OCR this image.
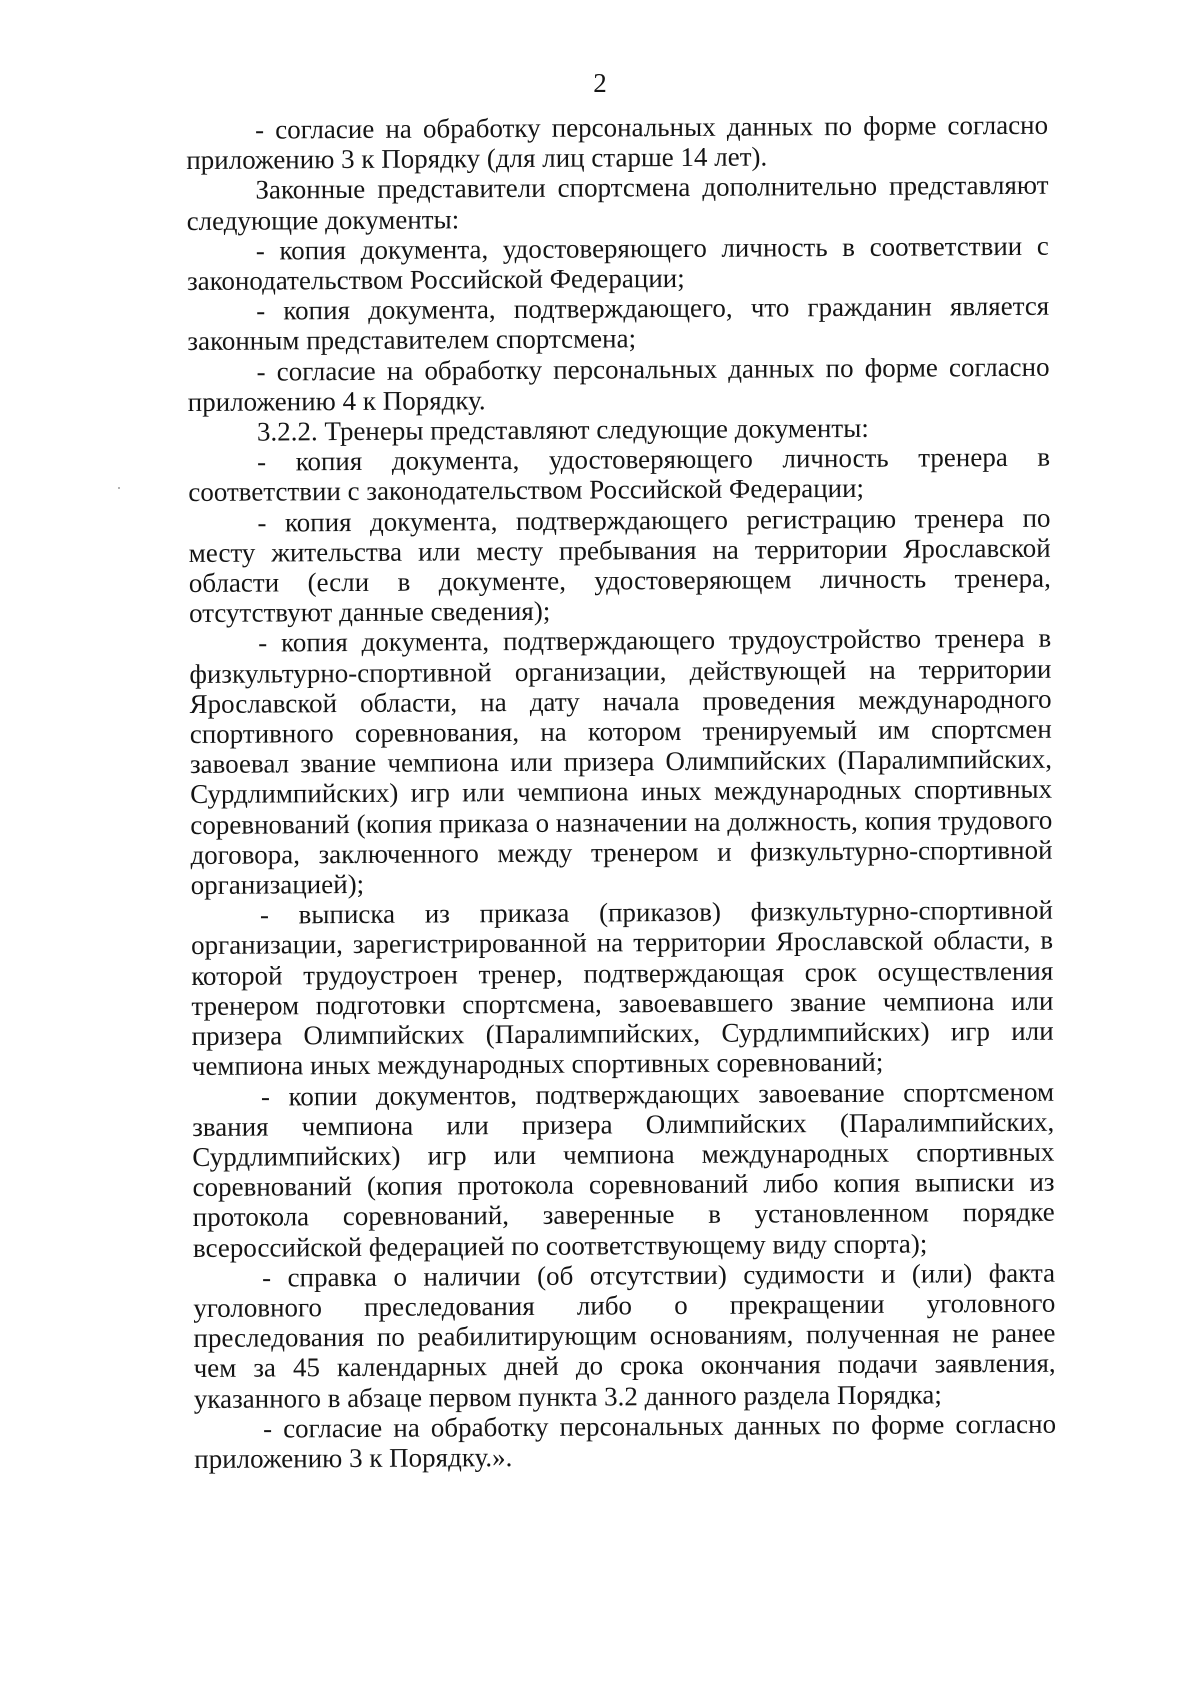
2

- согласие на обработку персональных данных по форме согласно приложению 3 к Порядку (для лиц старше 14 лет).

Законные представители спортсмена дополнительно представляют следующие документы:

- копия документа, удостоверяющего личность в соответствии с законодательством Российской Федерации;

- копия документа, подтверждающего, что гражданин является законным представителем спортсмена;

- согласие на обработку персональных данных по форме согласно приложению 4 к Порядку.

3.2.2. Тренеры представляют следующие документы:

- копия документа, удостоверяющего личность тренера в соответствии с законодательством Российской Федерации;

- копия документа, подтверждающего регистрацию тренера по месту жительства или месту пребывания на территории Ярославской области (если в документе, удостоверяющем личность тренера, отсутствуют данные сведения);

- копия документа, подтверждающего трудоустройство тренера в физкультурно-спортивной организации, действующей на территории Ярославской области, на дату начала проведения международного спортивного соревнования, на котором тренируемый им спортсмен завоевал звание чемпиона или призера Олимпийских (Паралимпийских, Сурдлимпийских) игр или чемпиона иных международных спортивных соревнований (копия приказа о назначении на должность, копия трудового договора, заключенного между тренером и физкультурно-спортивной организацией);

- выписка из приказа (приказов) физкультурно-спортивной организации, зарегистрированной на территории Ярославской области, в которой трудоустроен тренер, подтверждающая срок осуществления тренером подготовки спортсмена, завоевавшего звание чемпиона или призера Олимпийских (Паралимпийских, Сурдлимпийских) игр или чемпиона иных международных спортивных соревнований;

- копии документов, подтверждающих завоевание спортсменом звания чемпиона или призера Олимпийских (Паралимпийских, Сурдлимпийских) игр или чемпиона международных спортивных соревнований (копия протокола соревнований либо копия выписки из протокола соревнований, заверенные в установленном порядке всероссийской федерацией по соответствующему виду спорта);

- справка о наличии (об отсутствии) судимости и (или) факта уголовного преследования либо о прекращении уголовного преследования по реабилитирующим основаниям, полученная не ранее чем за 45 календарных дней до срока окончания подачи заявления, указанного в абзаце первом пункта 3.2 данного раздела Порядка;

- согласие на обработку персональных данных по форме согласно приложению 3 к Порядку.».
